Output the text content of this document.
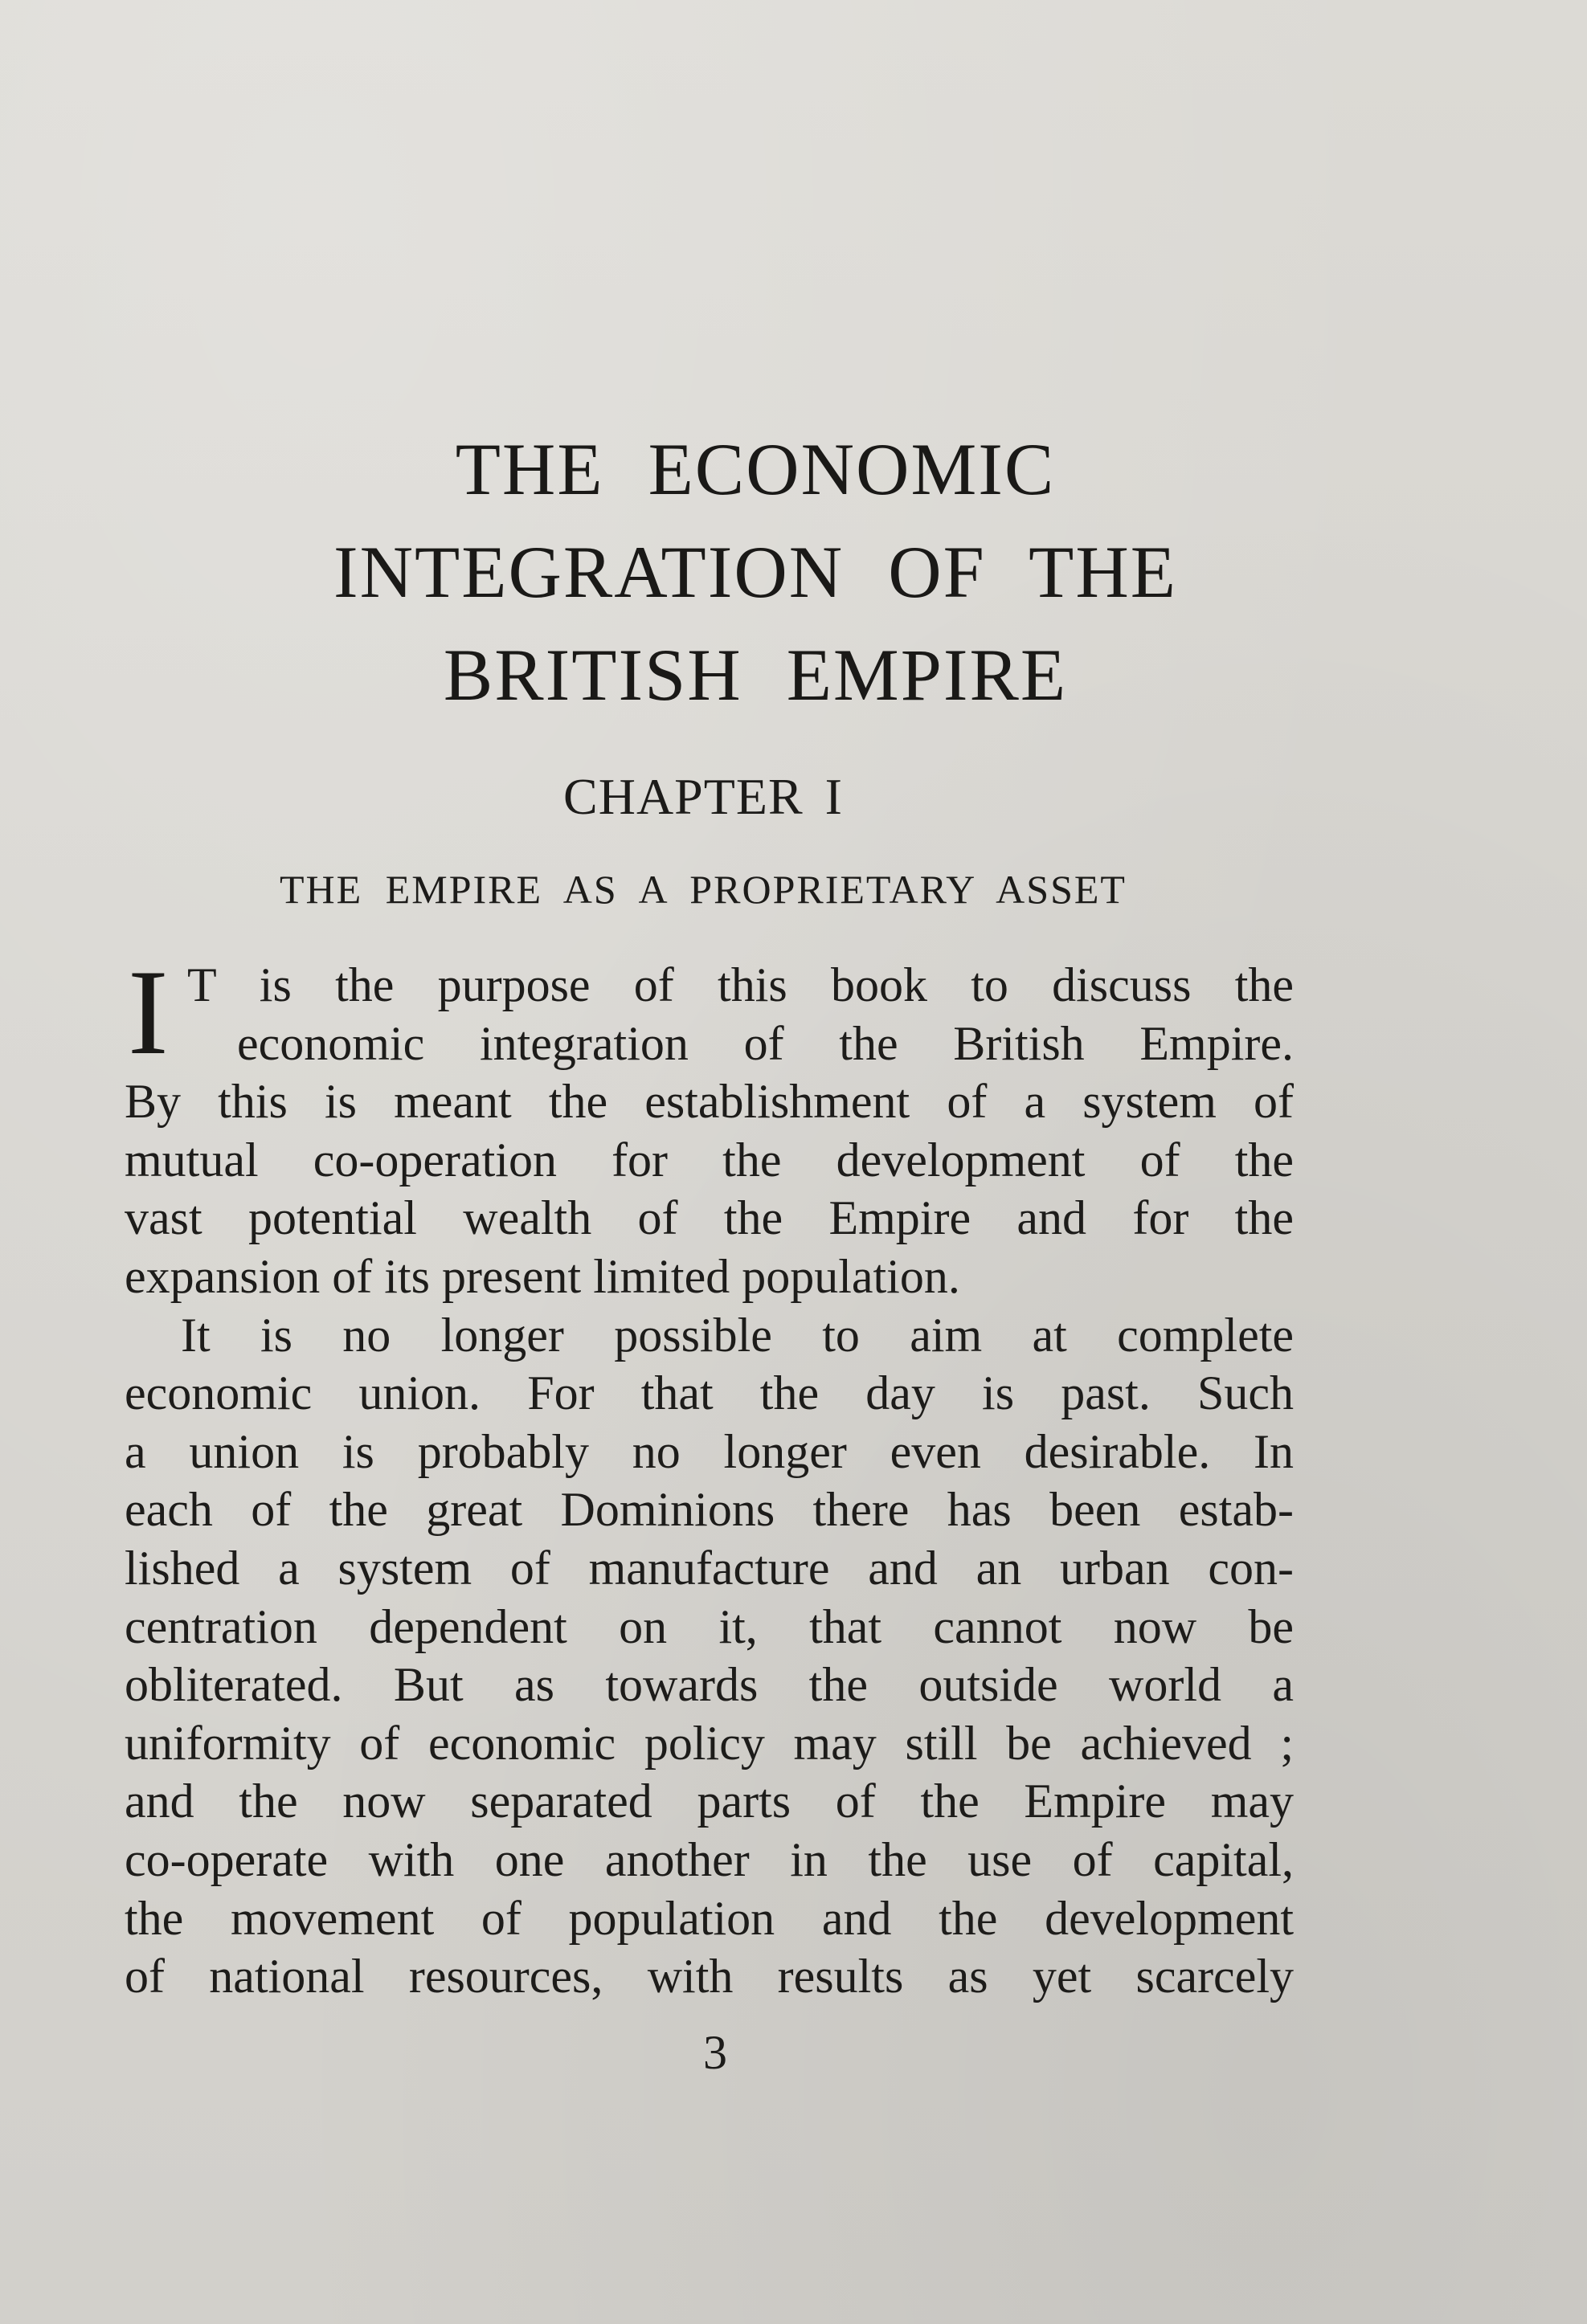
THE ECONOMIC
INTEGRATION OF THE
BRITISH EMPIRE
CHAPTER I
THE EMPIRE AS A PROPRIETARY ASSET
I T is the purpose of this book to discuss the
economic integration of the British Empire.
By this is meant the establishment of a system of
mutual co-operation for the development of the
vast potential wealth of the Empire and for the
expansion of its present limited population.
It is no longer possible to aim at complete
economic union. For that the day is past. Such
a union is probably no longer even desirable. In
each of the great Dominions there has been estab-
lished a system of manufacture and an urban con-
centration dependent on it, that cannot now be
obliterated. But as towards the outside world a
uniformity of economic policy may still be achieved ;
and the now separated parts of the Empire may
co-operate with one another in the use of capital,
the movement of population and the development
of national resources, with results as yet scarcely
3
